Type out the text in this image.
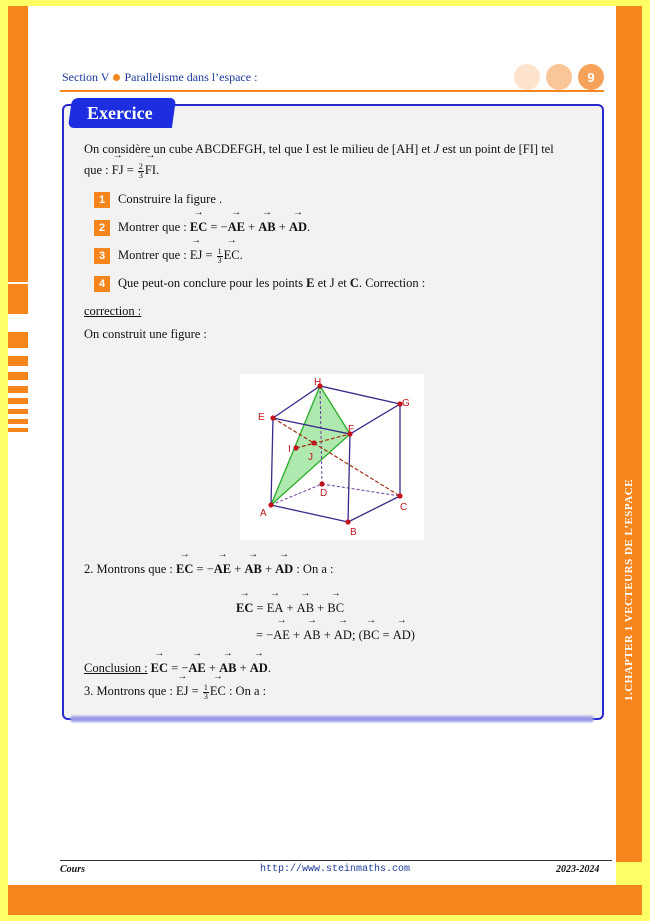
1.CHAPTER 1 VECTEURS DE L’ESPACE
Section V Parallelisme dans l’espace :	9
Exercice
On considère un cube ABCDEFGH, tel que I est le milieu de [AH] et J est un point de [FI] tel
que : → FJ = $\frac{2}{3}$ → FI.
1 Construire la figure .
2 Montrer que : → EC = −→ AE + → AB + → AD.
3 Montrer que : → EJ = $\frac{1}{3}$ → EC.
4 Que peut-on conclure pour les points E et J et C. Correction :
correction :
On construit une figure :
H
G
E
F
I
J
D
C
A
B
2. Montrons que : → EC = −→ AE + → AB + → AD : On a :
→ EC = → EA + → AB + → BC
= −→ AE + → AB + → AD; (→ BC = → AD)
Conclusion : → EC = −→ AE + → AB + → AD.
3. Montrons que : → EJ = $\frac{1}{3}$ → EC : On a :
Cours	http://www.steinmaths.com	2023-2024
